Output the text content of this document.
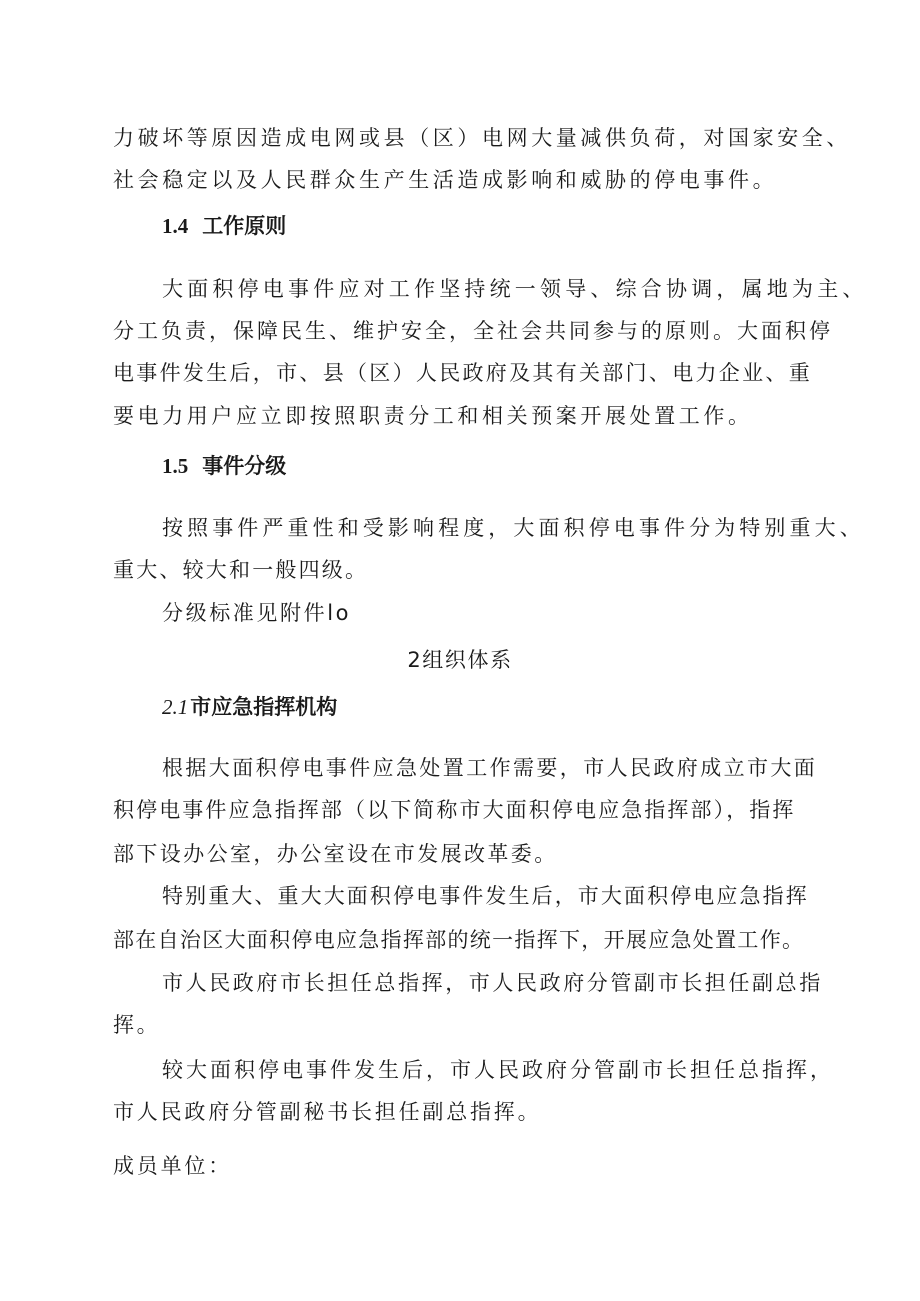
力破坏等原因造成电网或县（区）电网大量减供负荷，对国家安全、
社会稳定以及人民群众生产生活造成影响和威胁的停电事件。
1.4 工作原则
大面积停电事件应对工作坚持统一领导、综合协调，属地为主、
分工负责，保障民生、维护安全，全社会共同参与的原则。大面积停
电事件发生后，市、县（区）人民政府及其有关部门、电力企业、重
要电力用户应立即按照职责分工和相关预案开展处置工作。
1.5 事件分级
按照事件严重性和受影响程度，大面积停电事件分为特别重大、
重大、较大和一般四级。
分级标准见附件lo
2组织体系
2.1市应急指挥机构
根据大面积停电事件应急处置工作需要，市人民政府成立市大面
积停电事件应急指挥部（以下简称市大面积停电应急指挥部），指挥
部下设办公室，办公室设在市发展改革委。
特别重大、重大大面积停电事件发生后，市大面积停电应急指挥
部在自治区大面积停电应急指挥部的统一指挥下，开展应急处置工作。
市人民政府市长担任总指挥，市人民政府分管副市长担任副总指
挥。
较大面积停电事件发生后，市人民政府分管副市长担任总指挥，
市人民政府分管副秘书长担任副总指挥。
成员单位：
